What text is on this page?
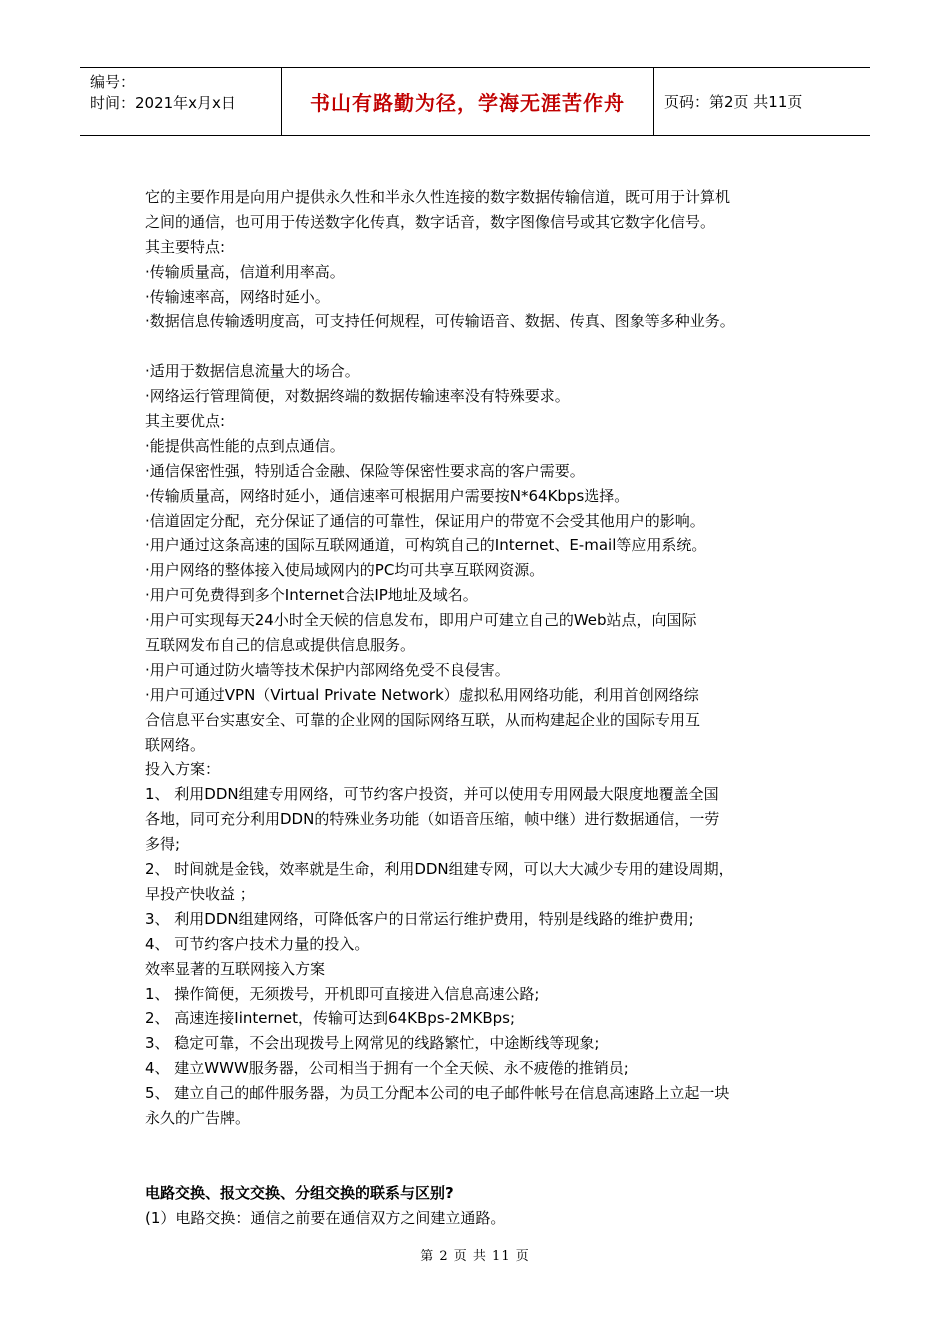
编号：
时间：2021年x月x日	书山有路勤为径，学海无涯苦作舟	页码：第2页 共11页
它的主要作用是向用户提供永久性和半永久性连接的数字数据传输信道，既可用于计算机
之间的通信，也可用于传送数字化传真，数字话音，数字图像信号或其它数字化信号。
其主要特点:
·传输质量高，信道利用率高。
·传输速率高，网络时延小。
·数据信息传输透明度高，可支持任何规程，可传输语音、数据、传真、图象等多种业务。
·适用于数据信息流量大的场合。
·网络运行管理简便，对数据终端的数据传输速率没有特殊要求。
其主要优点:
·能提供高性能的点到点通信。
·通信保密性强，特别适合金融、保险等保密性要求高的客户需要。
·传输质量高，网络时延小，通信速率可根据用户需要按N*64Kbps选择。
·信道固定分配，充分保证了通信的可靠性，保证用户的带宽不会受其他用户的影响。
·用户通过这条高速的国际互联网通道，可构筑自己的Internet、E-mail等应用系统。
·用户网络的整体接入使局域网内的PC均可共享互联网资源。
·用户可免费得到多个Internet合法IP地址及域名。
·用户可实现每天24小时全天候的信息发布，即用户可建立自己的Web站点，向国际
互联网发布自己的信息或提供信息服务。
·用户可通过防火墙等技术保护内部网络免受不良侵害。
·用户可通过VPN（Virtual Private Network）虚拟私用网络功能，利用首创网络综
合信息平台实惠安全、可靠的企业网的国际网络互联，从而构建起企业的国际专用互
联网络。
投入方案：
1、 利用DDN组建专用网络，可节约客户投资，并可以使用专用网最大限度地覆盖全国
各地，同可充分利用DDN的特殊业务功能（如语音压缩，帧中继）进行数据通信，一劳
多得;
2、 时间就是金钱，效率就是生命，利用DDN组建专网，可以大大减少专用的建设周期，
早投产快收益 ；
3、 利用DDN组建网络，可降低客户的日常运行维护费用，特别是线路的维护费用;
4、 可节约客户技术力量的投入。
效率显著的互联网接入方案
1、 操作简便，无须拨号，开机即可直接进入信息高速公路;
2、 高速连接Iinternet，传输可达到64KBps-2MKBps;
3、 稳定可靠，不会出现拨号上网常见的线路繁忙，中途断线等现象;
4、 建立WWW服务器，公司相当于拥有一个全天候、永不疲倦的推销员;
5、 建立自己的邮件服务器，为员工分配本公司的电子邮件帐号在信息高速路上立起一块
永久的广告牌。
电路交换、报文交换、分组交换的联系与区别?
(1）电路交换：通信之前要在通信双方之间建立通路。
第 2 页 共 11 页
